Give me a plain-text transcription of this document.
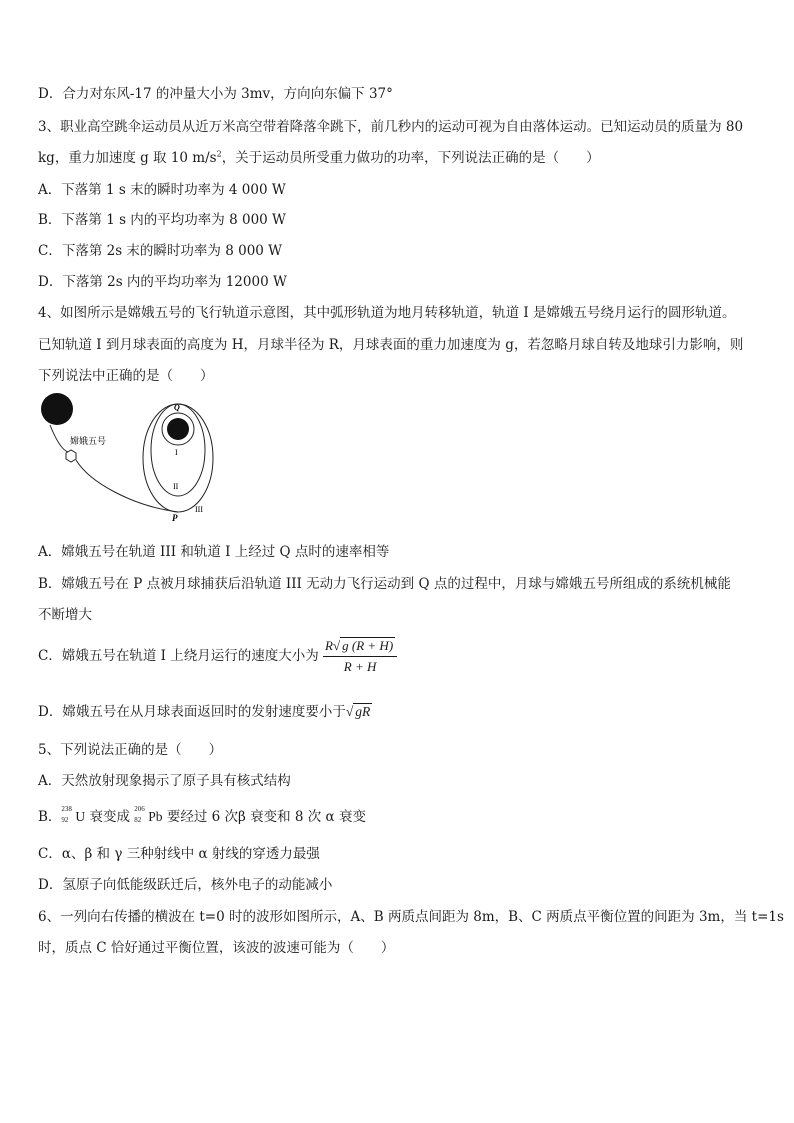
D．合力对东风-17 的冲量大小为 3mv，方向向东偏下 37°
3、职业高空跳伞运动员从近万米高空带着降落伞跳下，前几秒内的运动可视为自由落体运动。已知运动员的质量为 80
kg，重力加速度 g 取 10 $m/s^2$，关于运动员所受重力做功的功率，下列说法正确的是（　　）
A．下落第 1 s 末的瞬时功率为 4 000 W
B．下落第 1 s 内的平均功率为 8 000 W
C．下落第 2s 末的瞬时功率为 8 000 W
D．下落第 2s 内的平均功率为 12000 W
4、如图所示是嫦娥五号的飞行轨道示意图，其中弧形轨道为地月转移轨道，轨道 I 是嫦娥五号绕月运行的圆形轨道。
已知轨道 I 到月球表面的高度为 H，月球半径为 R，月球表面的重力加速度为 g，若忽略月球自转及地球引力影响，则
下列说法中正确的是（　　）
嫦娥五号
Q
I
II
P
III
A．嫦娥五号在轨道 III 和轨道 I 上经过 Q 点时的速率相等
B．嫦娥五号在 P 点被月球捕获后沿轨道 III 无动力飞行运动到 Q 点的过程中，月球与嫦娥五号所组成的系统机械能
不断增大
C．嫦娥五号在轨道 I 上绕月运行的速度大小为 $\frac{R√ g (R + H)}{R + H}$
D．嫦娥五号在从月球表面返回时的发射速度要小于√ gR
5、下列说法正确的是（　　）
A．天然放射现象揭示了原子具有核式结构
B． 238
92 U 衰变成 206
82 Pb 要经过 6 次β 衰变和 8 次 α 衰变
C．α、β 和 γ 三种射线中 α 射线的穿透力最强
D．氢原子向低能级跃迁后，核外电子的动能减小
6、一列向右传播的横波在 t=0 时的波形如图所示，A、B 两质点间距为 8m，B、C 两质点平衡位置的间距为 3m，当 t=1s
时，质点 C 恰好通过平衡位置，该波的波速可能为（　　）
